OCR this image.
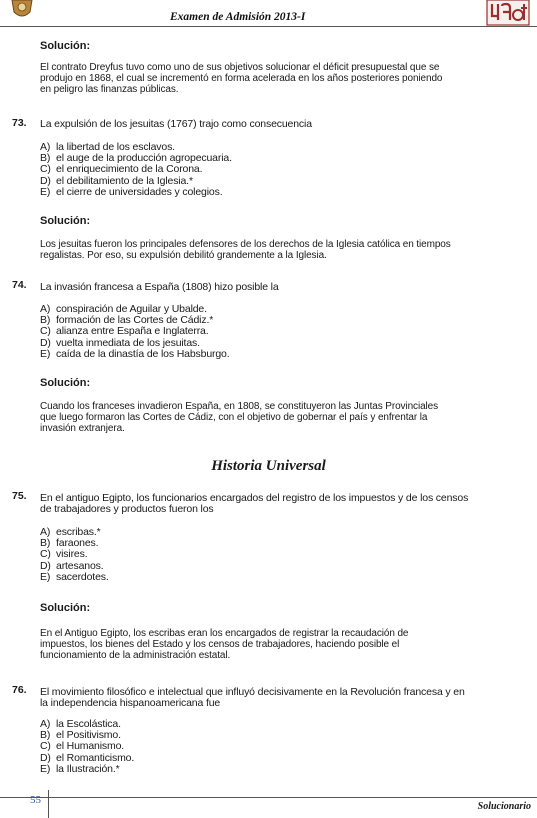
Examen de Admisión 2013-I
Solución:
El contrato Dreyfus tuvo como uno de sus objetivos solucionar el déficit presupuestal que se
produjo en 1868, el cual se incrementó en forma acelerada en los años posteriores poniendo
en peligro las finanzas públicas.
73. La expulsión de los jesuitas (1767) trajo como consecuencia
A) la libertad de los esclavos.
B) el auge de la producción agropecuaria.
C) el enriquecimiento de la Corona.
D) el debilitamiento de la Iglesia.*
E) el cierre de universidades y colegios.
Solución:
Los jesuitas fueron los principales defensores de los derechos de la Iglesia católica en tiempos
regalistas. Por eso, su expulsión debilitó grandemente a la Iglesia.
74. La invasión francesa a España (1808) hizo posible la
A) conspiración de Aguilar y Ubalde.
B) formación de las Cortes de Cádiz.*
C) alianza entre España e Inglaterra.
D) vuelta inmediata de los jesuitas.
E) caída de la dinastía de los Habsburgo.
Solución:
Cuando los franceses invadieron España, en 1808, se constituyeron las Juntas Provinciales
que luego formaron las Cortes de Cádiz, con el objetivo de gobernar el país y enfrentar la
invasión extranjera.
Historia Universal
75. En el antiguo Egipto, los funcionarios encargados del registro de los impuestos y de los censos
de trabajadores y productos fueron los
A) escribas.*
B) faraones.
C) visires.
D) artesanos.
E) sacerdotes.
Solución:
En el Antiguo Egipto, los escribas eran los encargados de registrar la recaudación de
impuestos, los bienes del Estado y los censos de trabajadores, haciendo posible el
funcionamiento de la administración estatal.
76. El movimiento filosófico e intelectual que influyó decisivamente en la Revolución francesa y en
la independencia hispanoamericana fue
A) la Escolástica.
B) el Positivismo.
C) el Humanismo.
D) el Romanticismo.
E) la Ilustración.*
55
Solucionario
